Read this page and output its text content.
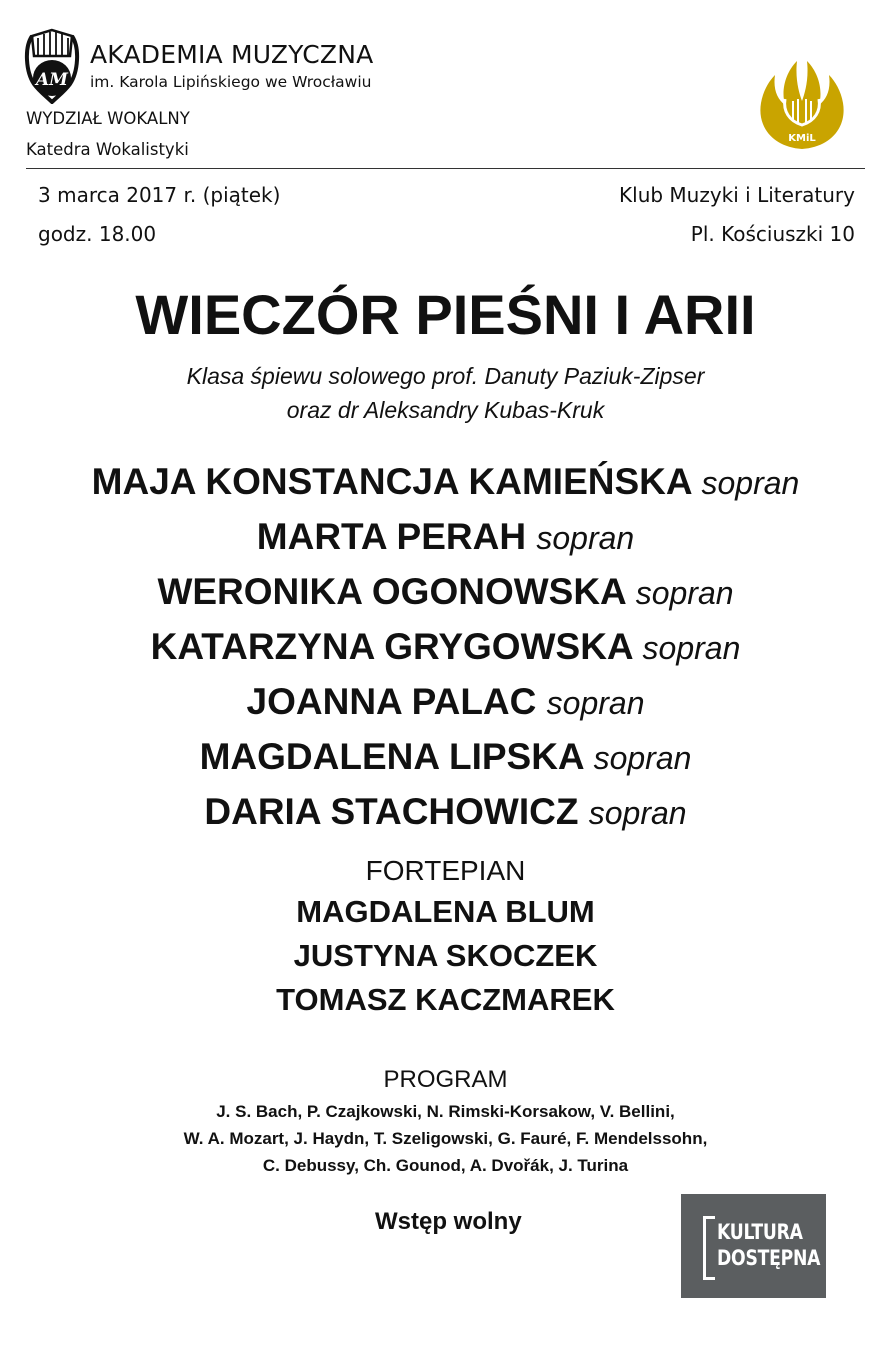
AM
AKADEMIA MUZYCZNA
im. Karola Lipińskiego we Wrocławiu
WYDZIAŁ WOKALNY
Katedra Wokalistyki
W
KMiL
3 marca 2017 r. (piątek)
godz. 18.00
Klub Muzyki i Literatury
Pl. Kościuszki 10
WIECZÓR PIEŚNI I ARII
Klasa śpiewu solowego prof. Danuty Paziuk-Zipser
oraz dr Aleksandry Kubas-Kruk
MAJA KONSTANCJA KAMIEŃSKA sopran
MARTA PERAH sopran
WERONIKA OGONOWSKA sopran
KATARZYNA GRYGOWSKA sopran
JOANNA PALAC sopran
MAGDALENA LIPSKA sopran
DARIA STACHOWICZ sopran
FORTEPIAN
MAGDALENA BLUM
JUSTYNA SKOCZEK
TOMASZ KACZMAREK
PROGRAM
J. S. Bach, P. Czajkowski, N. Rimski-Korsakow, V. Bellini,
W. A. Mozart, J. Haydn, T. Szeligowski, G. Fauré, F. Mendelssohn,
C. Debussy, Ch. Gounod, A. Dvořák, J. Turina
Wstęp wolny	KULTURA
DOSTĘPNA
